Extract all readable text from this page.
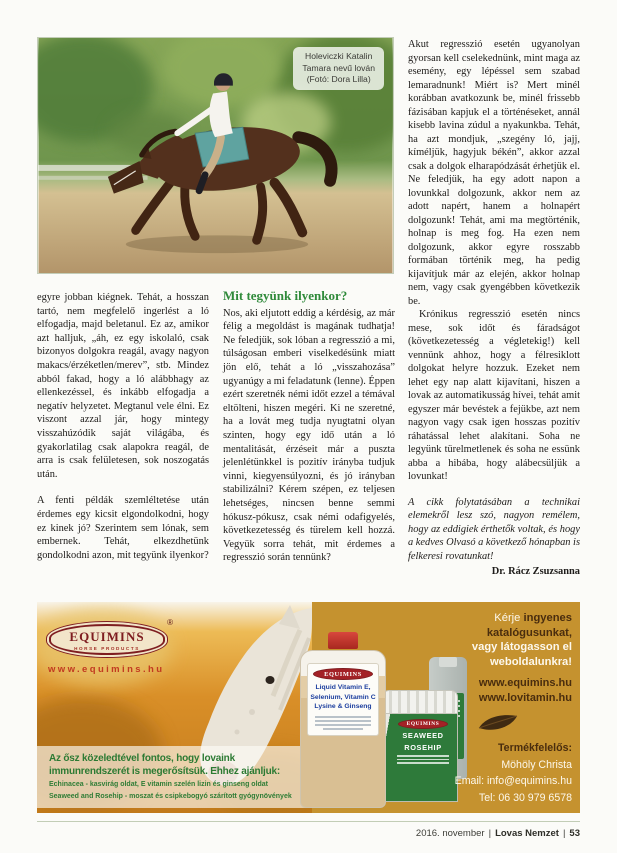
Holeviczki Katalin
Tamara nevű lován
(Fotó: Dora Lilla)

egyre jobban kiégnek. Tehát, a hosszan tartó, nem megfelelő ingerlést a ló elfogadja, majd beletanul. Ez az, amikor azt halljuk, „áh, ez egy iskolaló, csak bizonyos dolgokra reagál, avagy nagyon makacs/érzéketlen/merev”, stb. Mindez abból fakad, hogy a ló alábbhagy az ellenkezéssel, és inkább elfogadja a negatív helyzetet. Megtanul vele élni. Ez viszont azzal jár, hogy mintegy visszahúzódik saját világába, és gyakorlatilag csak alapokra reagál, de arra is csak felületesen, sok noszogatás után.

A fenti példák szemléltetése után érdemes egy kicsit elgondolkodni, hogy ez kinek jó? Szerintem sem lónak, sem embernek. Tehát, elkezdhetünk gondolkodni azon, mit tegyünk ilyenkor?

Mit tegyünk ilyenkor?

Nos, aki eljutott eddig a kérdésig, az már félig a megoldást is magának tudhatja! Ne feledjük, sok lóban a regresszió a mi, túlságosan emberi viselkedésünk miatt jön elő, tehát a ló „visszahozása” ugyanúgy a mi feladatunk (lenne). Éppen ezért szeretnék némi időt ezzel a témával eltölteni, hiszen megéri. Ki ne szeretné, ha a lovát meg tudja nyugtatni olyan szinten, hogy egy idő után a ló mentalitását, érzéseit már a puszta jelenlétünkkel is pozitív irányba tudjuk vinni, kiegyensúlyozni, és jó irányban stabilizálni? Kérem szépen, ez teljesen lehetséges, nincsen benne semmi hókusz-pókusz, csak némi odafigyelés, következetesség és türelem kell hozzá. Vegyük sorra tehát, mit érdemes a regresszió során tennünk?

Akut regresszió esetén ugyanolyan gyorsan kell cselekednünk, mint maga az esemény, egy lépéssel sem szabad lemaradnunk! Miért is? Mert minél korábban avatkozunk be, minél frissebb fázisában kapjuk el a történéseket, annál kisebb lavina zúdul a nyakunkba. Tehát, ha azt mondjuk, „szegény ló, jajj, kíméljük, hagyjuk békén”, akkor azzal csak a dolgok elharapódzását érhetjük el. Ne feledjük, ha egy adott napon a lovunkkal dolgozunk, akkor nem az adott napért, hanem a holnapért dolgozunk! Tehát, ami ma megtörténik, holnap is meg fog. Ha ezen nem dolgozunk, akkor egyre rosszabb formában történik meg, ha pedig kijavítjuk már az elején, akkor holnap nem, vagy csak gyengébben következik be.

Krónikus regresszió esetén nincs mese, sok időt és fáradságot (következetesség a végletekig!) kell vennünk ahhoz, hogy a félresiklott dolgokat helyre hozzuk. Ezeket nem lehet egy nap alatt kijavítani, hiszen a lovak az automatikusság hívei, tehát amit egyszer már bevéstek a fejükbe, azt nem nagyon vagy csak igen hosszas pozitív ráhatással lehet alakítani. Soha ne legyünk türelmetlenek és soha ne essünk abba a hibába, hogy alábecsüljük a lovunkat!

A cikk folytatásában a technikai elemekről lesz szó, nagyon remélem, hogy az eddigiek érthetők voltak, és hogy a kedves Olvasó a következő hónapban is felkeresi rovatunkat!

Dr. Rácz Zsuzsanna

EQUIMINS
HORSE PRODUCTS
®
www.equimins.hu
Az ősz közeledtével fontos, hogy lovaink
immunrendszerét is megerősítsük. Ehhez ajánljuk:
Echinacea - kasvirág oldat, E vitamin szelén lizin és ginseng oldat
Seaweed and Rosehip - moszat és csipkebogyó szárított gyógynövények
EQUIMINS
Liquid Vitamin E,
Selenium, Vitamin C
Lysine & Ginseng
EQUIMINS
SEAWEED
ROSEHIP
Kérje ingyenes
katalógusunkat,
vagy látogasson el
weboldalunkra!
www.equimins.hu
www.lovitamin.hu
Termékfelelős:
Möhöly Christa
Email: info@equimins.hu
Tel: 06 30 979 6578
2016. november | Lovas Nemzet | 53
